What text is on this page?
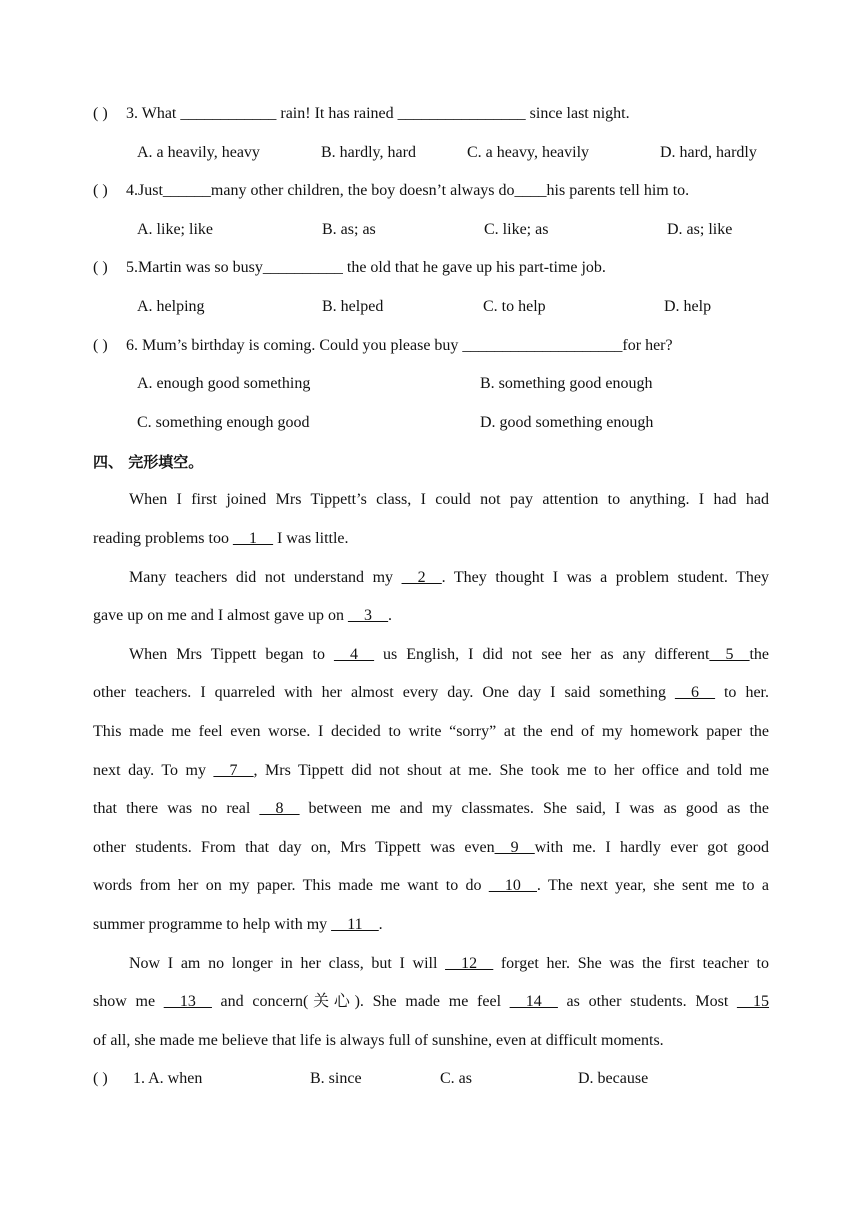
( ) 3. What ____________ rain! It has rained ________________ since last night.
A. a heavily, heavy	B. hardly, hard	C. a heavy, heavily	D. hard, hardly
( ) 4.Just______many other children, the boy doesn’t always do____his parents tell him to.
A. like; like	B. as; as	C. like; as	D. as; like
( ) 5.Martin was so busy__________ the old that he gave up his part-time job.
A. helping	B. helped	C. to help	D. help
( ) 6. Mum’s birthday is coming. Could you please buy ____________________for her?
A. enough good something	B. something good enough
C. something enough good	D. good something enough
四、 完形填空。
When I first joined Mrs Tippett’s class, I could not pay attention to anything. I had had
reading problems too __1__ I was little.
Many teachers did not understand my __2__. They thought I was a problem student. They
gave up on me and I almost gave up on __3__.
When Mrs Tippett began to __4__ us English, I did not see her as any different__5__the
other teachers. I quarreled with her almost every day. One day I said something __6__ to her.
This made me feel even worse. I decided to write “sorry” at the end of my homework paper the
next day. To my __7__, Mrs Tippett did not shout at me. She took me to her office and told me
that there was no real __8__ between me and my classmates. She said, I was as good as the
other students. From that day on, Mrs Tippett was even__9__with me. I hardly ever got good
words from her on my paper. This made me want to do __10__. The next year, she sent me to a
summer programme to help with my __11__.
Now I am no longer in her class, but I will __12__ forget her. She was the first teacher to
show me __13__ and concern(关心). She made me feel __14__ as other students. Most __15
of all, she made me believe that life is always full of sunshine, even at difficult moments.
( ) 1. A. when	B. since	C. as	D. because
